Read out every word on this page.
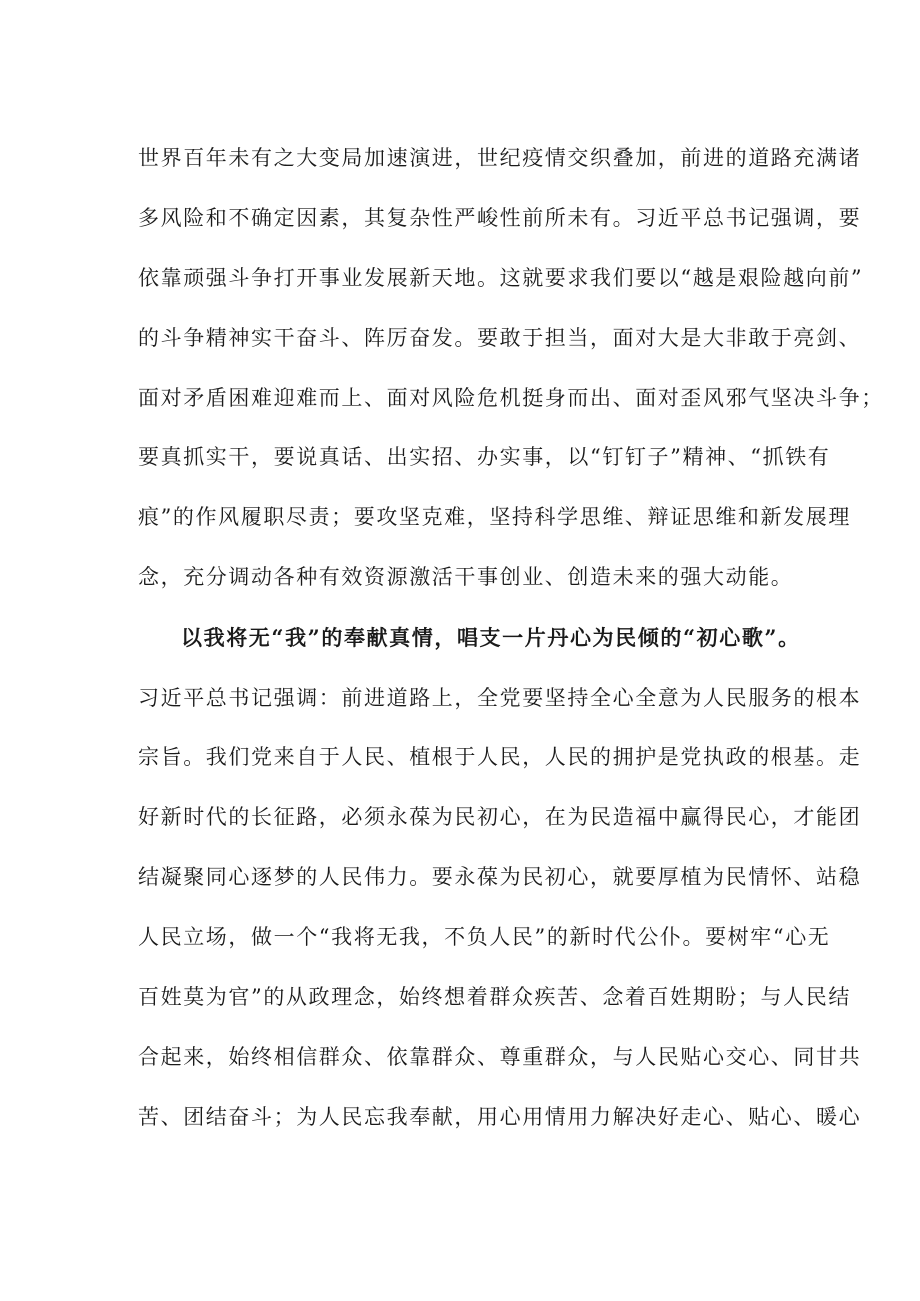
世界百年未有之大变局加速演进，世纪疫情交织叠加，前进的道路充满诸
多风险和不确定因素，其复杂性严峻性前所未有。习近平总书记强调，要
依靠顽强斗争打开事业发展新天地。这就要求我们要以“越是艰险越向前”
的斗争精神实干奋斗、阵厉奋发。要敢于担当，面对大是大非敢于亮剑、
面对矛盾困难迎难而上、面对风险危机挺身而出、面对歪风邪气坚决斗争；
要真抓实干，要说真话、出实招、办实事，以“钉钉子”精神、“抓铁有
痕”的作风履职尽责；要攻坚克难，坚持科学思维、辩证思维和新发展理
念，充分调动各种有效资源激活干事创业、创造未来的强大动能。
以我将无“我”的奉献真情，唱支一片丹心为民倾的“初心歌”。
习近平总书记强调：前进道路上，全党要坚持全心全意为人民服务的根本
宗旨。我们党来自于人民、植根于人民，人民的拥护是党执政的根基。走
好新时代的长征路，必须永葆为民初心，在为民造福中赢得民心，才能团
结凝聚同心逐梦的人民伟力。要永葆为民初心，就要厚植为民情怀、站稳
人民立场，做一个“我将无我，不负人民”的新时代公仆。要树牢“心无
百姓莫为官”的从政理念，始终想着群众疾苦、念着百姓期盼；与人民结
合起来，始终相信群众、依靠群众、尊重群众，与人民贴心交心、同甘共
苦、团结奋斗；为人民忘我奉献，用心用情用力解决好走心、贴心、暖心
